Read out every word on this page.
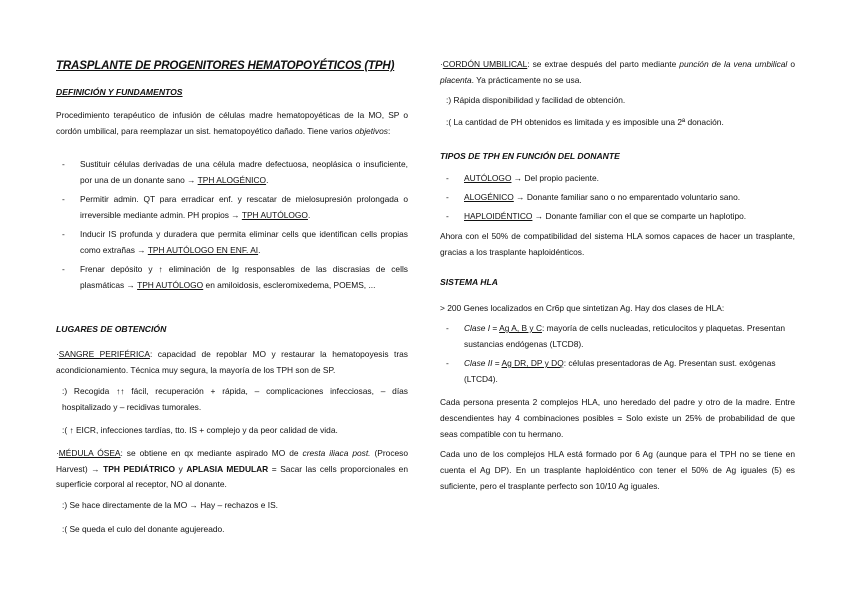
TRASPLANTE DE PROGENITORES HEMATOPOYÉTICOS (TPH)
DEFINICIÓN Y FUNDAMENTOS

Procedimiento terapéutico de infusión de células madre hematopoyéticas de la MO, SP o cordón umbilical, para reemplazar un sist. hematopoyético dañado. Tiene varios objetivos:

- Sustituir células derivadas de una célula madre defectuosa, neoplásica o insuficiente, por una de un donante sano → TPH ALOGÉNICO.
- Permitir admin. QT para erradicar enf. y rescatar de mielosupresión prolongada o irreversible mediante admin. PH propios → TPH AUTÓLOGO.
- Inducir IS profunda y duradera que permita eliminar cells que identifican cells propias como extrañas → TPH AUTÓLOGO EN ENF. AI.
- Frenar depósito y ↑ eliminación de Ig responsables de las discrasias de cells plasmáticas → TPH AUTÓLOGO en amiloidosis, escleromixedema, POEMS, ...
LUGARES DE OBTENCIÓN

·SANGRE PERIFÉRICA: capacidad de repoblar MO y restaurar la hematopoyesis tras acondicionamiento. Técnica muy segura, la mayoría de los TPH son de SP.

:) Recogida ↑↑ fácil, recuperación + rápida, – complicaciones infecciosas, – días hospitalizado y – recidivas tumorales.

:( ↑ EICR, infecciones tardías, tto. IS + complejo y da peor calidad de vida.

·MÉDULA ÓSEA: se obtiene en qx mediante aspirado MO de cresta iliaca post. (Proceso Harvest) → TPH PEDIÁTRICO y APLASIA MEDULAR = Sacar las cells proporcionales en superficie corporal al receptor, NO al donante.

:) Se hace directamente de la MO → Hay – rechazos e IS.

:( Se queda el culo del donante agujereado.

·CORDÓN UMBILICAL: se extrae después del parto mediante punción de la vena umbilical o placenta. Ya prácticamente no se usa.

:) Rápida disponibilidad y facilidad de obtención.

:( La cantidad de PH obtenidos es limitada y es imposible una 2ª donación.

TIPOS DE TPH EN FUNCIÓN DEL DONANTE
- AUTÓLOGO → Del propio paciente.
- ALOGÉNICO → Donante familiar sano o no emparentado voluntario sano.
- HAPLOIDÉNTICO → Donante familiar con el que se comparte un haplotipo.

Ahora con el 50% de compatibilidad del sistema HLA somos capaces de hacer un trasplante, gracias a los trasplante haploidénticos.

SISTEMA HLA

> 200 Genes localizados en Cr6p que sintetizan Ag. Hay dos clases de HLA:

- Clase I = Ag A, B y C: mayoría de cells nucleadas, reticulocitos y plaquetas. Presentan sustancias endógenas (LTCD8).
- Clase II = Ag DR, DP y DQ: células presentadoras de Ag. Presentan sust. exógenas (LTCD4).

Cada persona presenta 2 complejos HLA, uno heredado del padre y otro de la madre. Entre descendientes hay 4 combinaciones posibles = Solo existe un 25% de probabilidad de que seas compatible con tu hermano.

Cada uno de los complejos HLA está formado por 6 Ag (aunque para el TPH no se tiene en cuenta el Ag DP). En un trasplante haploidéntico con tener el 50% de Ag iguales (5) es suficiente, pero el trasplante perfecto son 10/10 Ag iguales.
